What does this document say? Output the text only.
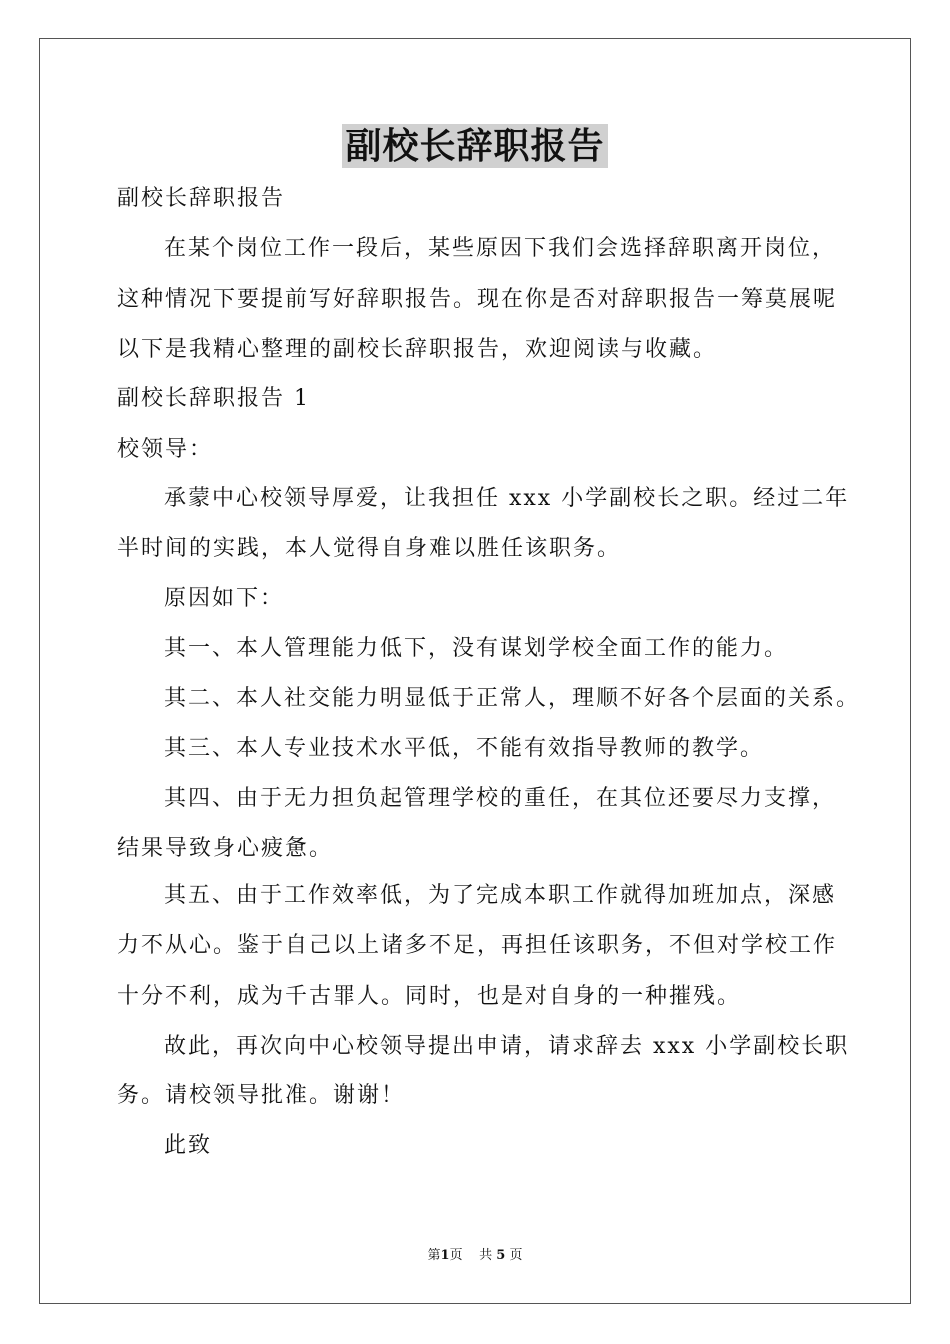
副校长辞职报告
副校长辞职报告
在某个岗位工作一段后，某些原因下我们会选择辞职离开岗位，
这种情况下要提前写好辞职报告。现在你是否对辞职报告一筹莫展呢
以下是我精心整理的副校长辞职报告，欢迎阅读与收藏。
副校长辞职报告 1
校领导：
承蒙中心校领导厚爱，让我担任 xxx 小学副校长之职。经过二年
半时间的实践，本人觉得自身难以胜任该职务。
原因如下：
其一、本人管理能力低下，没有谋划学校全面工作的能力。
其二、本人社交能力明显低于正常人，理顺不好各个层面的关系。
其三、本人专业技术水平低，不能有效指导教师的教学。
其四、由于无力担负起管理学校的重任，在其位还要尽力支撑，
结果导致身心疲惫。
其五、由于工作效率低，为了完成本职工作就得加班加点，深感
力不从心。鉴于自己以上诸多不足，再担任该职务，不但对学校工作
十分不利，成为千古罪人。同时，也是对自身的一种摧残。
故此，再次向中心校领导提出申请，请求辞去 xxx 小学副校长职
务。请校领导批准。谢谢！
此致
第1页 共 5 页
